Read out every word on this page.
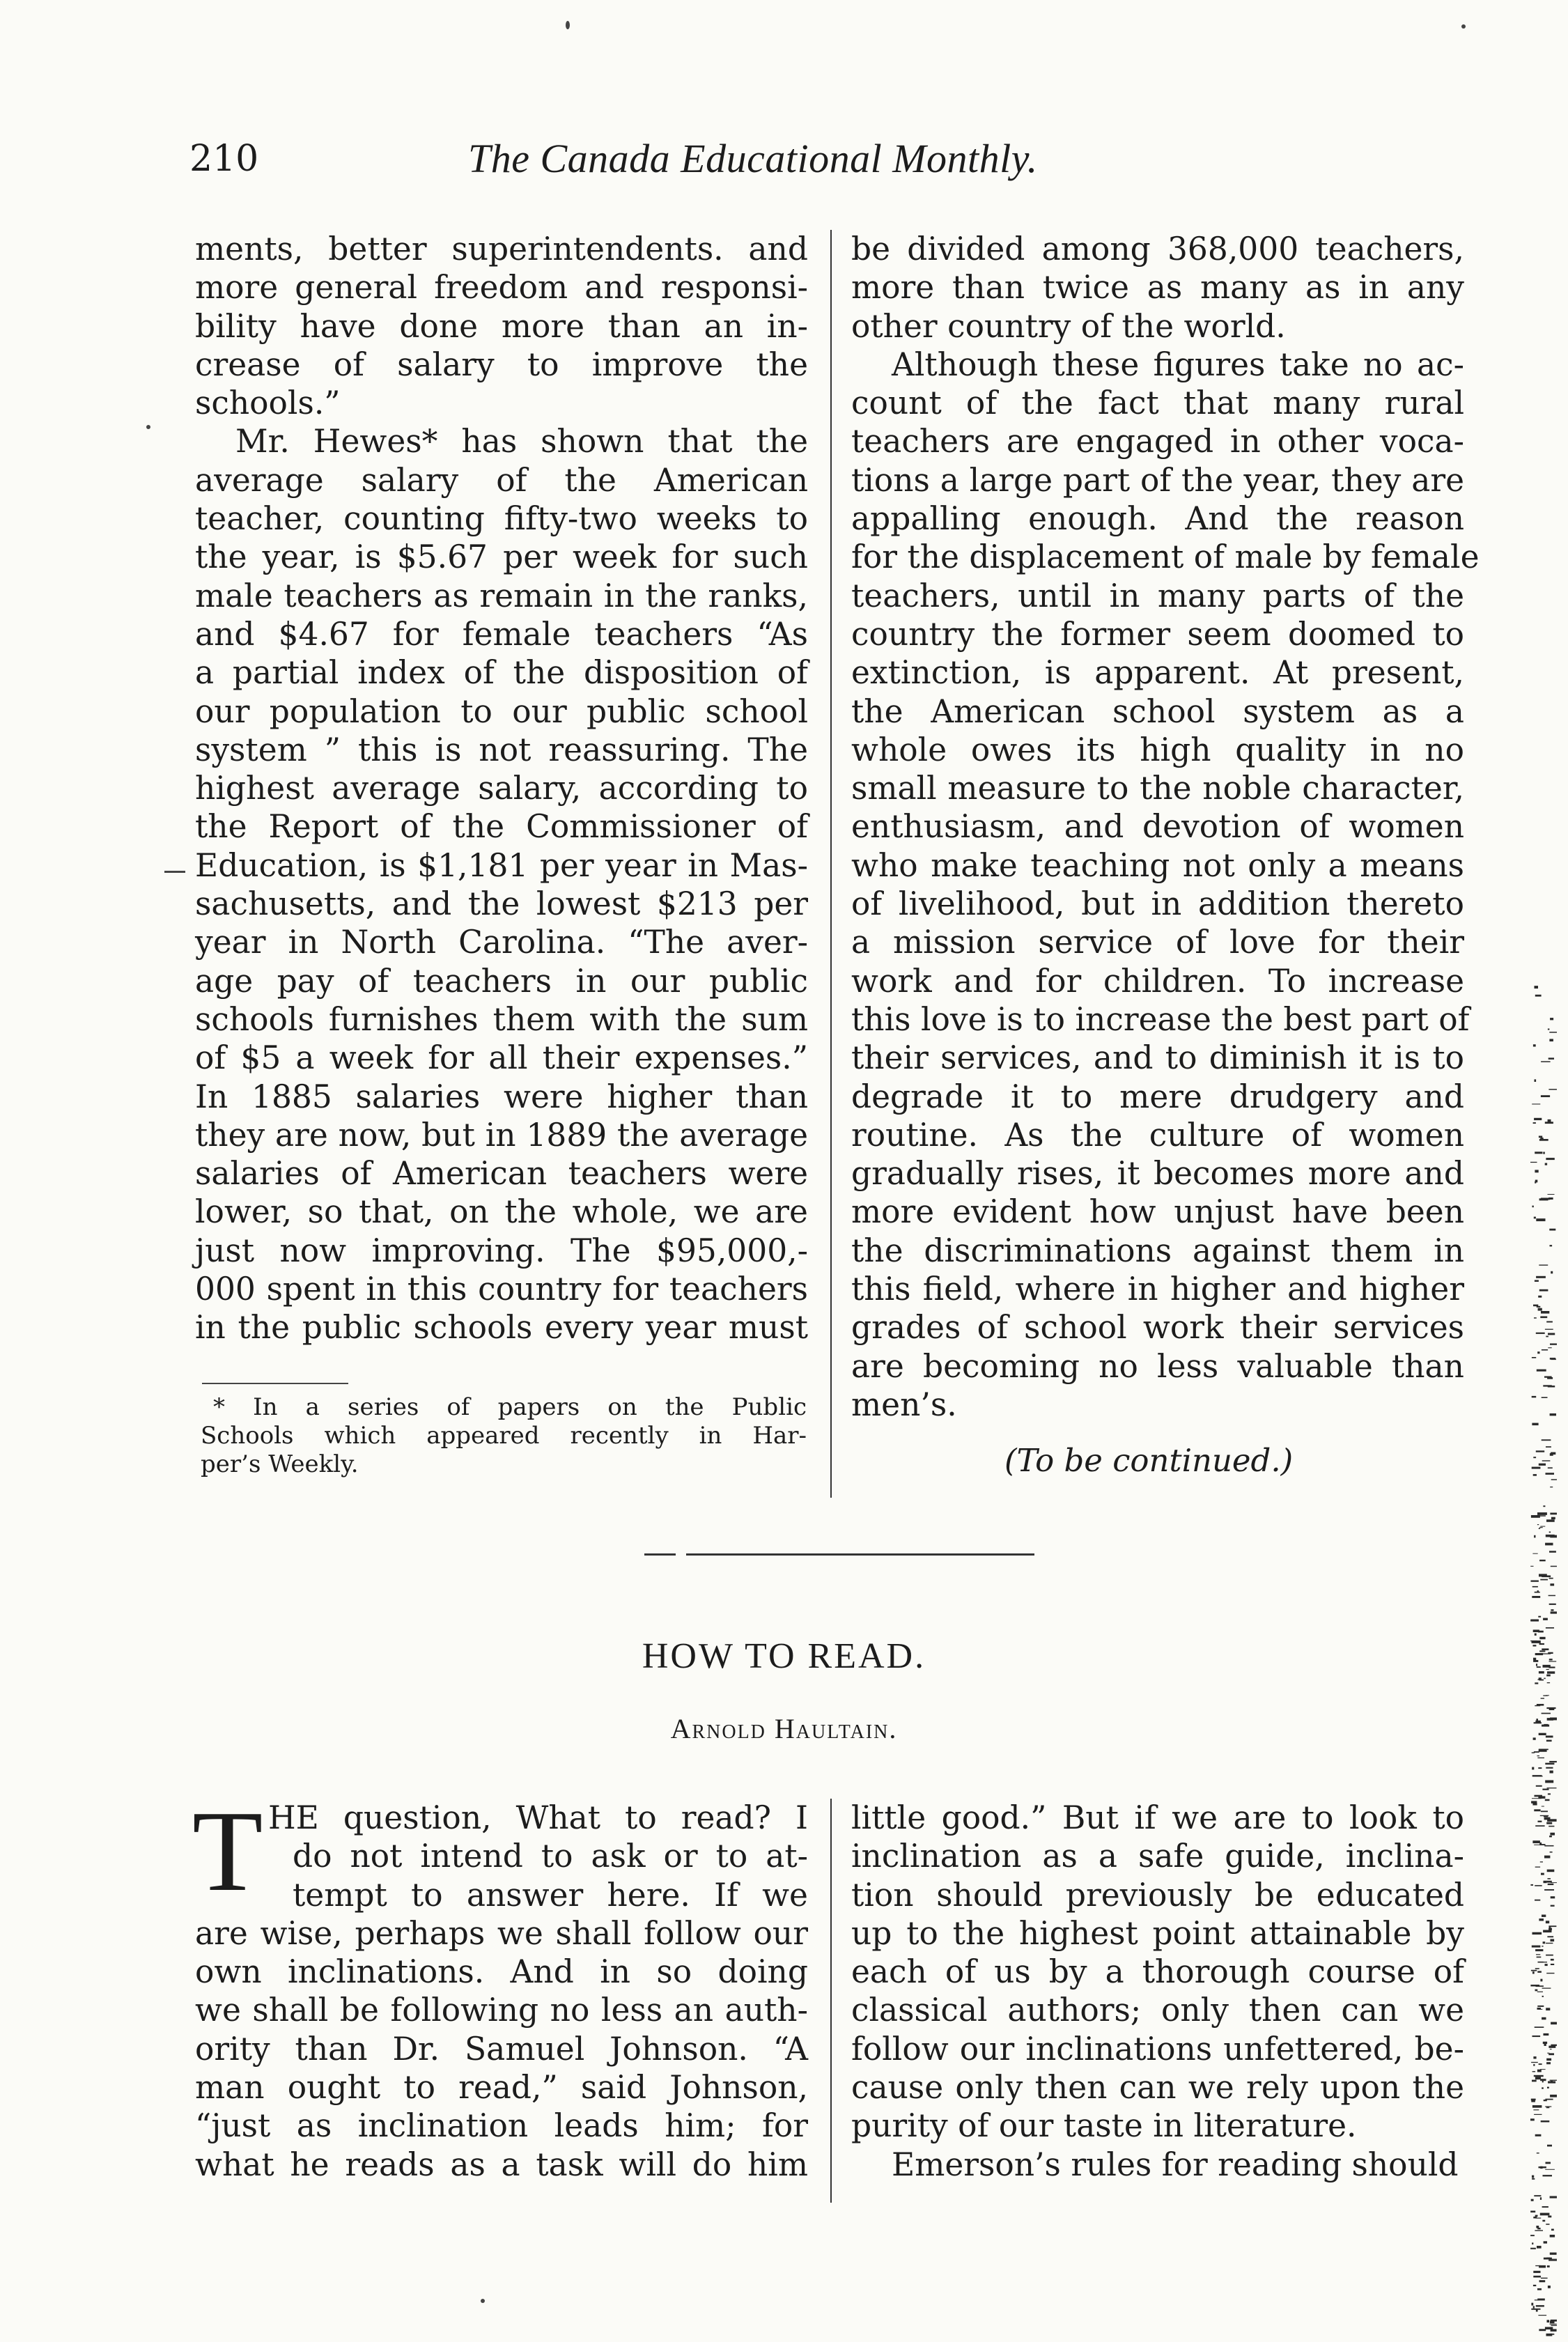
210	The Canada Educational Monthly.
ments, better superintendents. and
more general freedom and responsi-
bility have done more than an in-
crease of salary to improve the
schools.”
Mr. Hewes* has shown that the
average salary of the American
teacher, counting fifty-two weeks to
the year, is $5.67 per week for such
male teachers as remain in the ranks,
and $4.67 for female teachers “As
a partial index of the disposition of
our population to our public school
system ” this is not reassuring. The
highest average salary, according to
the Report of the Commissioner of
Education, is $1,181 per year in Mas-
sachusetts, and the lowest $213 per
year in North Carolina. “The aver-
age pay of teachers in our public
schools furnishes them with the sum
of $5 a week for all their expenses.”
In 1885 salaries were higher than
they are now, but in 1889 the average
salaries of American teachers were
lower, so that, on the whole, we are
just now improving. The $95,000,-
000 spent in this country for teachers
in the public schools every year must
* In a series of papers on the Public
Schools which appeared recently in Har-
per’s Weekly.
be divided among 368,000 teachers,
more than twice as many as in any
other country of the world.
Although these figures take no ac-
count of the fact that many rural
teachers are engaged in other voca-
tions a large part of the year, they are
appalling enough. And the reason
for the displacement of male by female
teachers, until in many parts of the
country the former seem doomed to
extinction, is apparent. At present,
the American school system as a
whole owes its high quality in no
small measure to the noble character,
enthusiasm, and devotion of women
who make teaching not only a means
of livelihood, but in addition thereto
a mission service of love for their
work and for children. To increase
this love is to increase the best part of
their services, and to diminish it is to
degrade it to mere drudgery and
routine. As the culture of women
gradually rises, it becomes more and
more evident how unjust have been
the discriminations against them in
this field, where in higher and higher
grades of school work their services
are becoming no less valuable than
men’s.
(To be continued.)
HOW TO READ.
Arnold Haultain.
T HE question, What to read? I
do not intend to ask or to at-
tempt to answer here. If we
are wise, perhaps we shall follow our
own inclinations. And in so doing
we shall be following no less an auth-
ority than Dr. Samuel Johnson. “A
man ought to read,” said Johnson,
“just as inclination leads him; for
what he reads as a task will do him
little good.” But if we are to look to
inclination as a safe guide, inclina-
tion should previously be educated
up to the highest point attainable by
each of us by a thorough course of
classical authors; only then can we
follow our inclinations unfettered, be-
cause only then can we rely upon the
purity of our taste in literature.
Emerson’s rules for reading should
